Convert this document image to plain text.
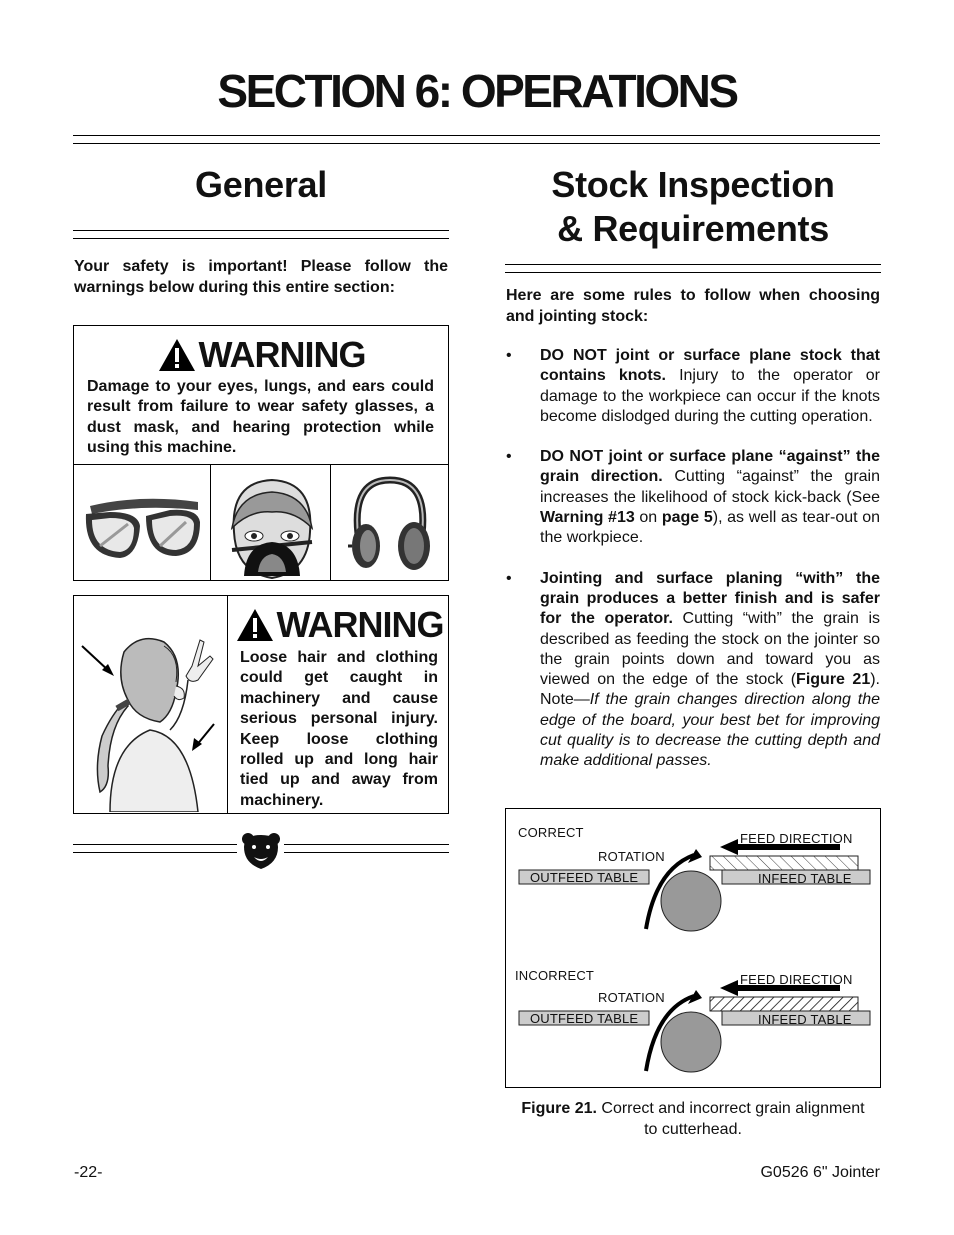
SECTION 6: OPERATIONS
General

Your safety is important! Please follow the warnings below during this entire section:

WARNING

Damage to your eyes, lungs, and ears could result from failure to wear safety glasses, a dust mask, and hearing protection while using this machine.

WARNING

Loose hair and clothing could get caught in machinery and cause serious personal injury. Keep loose clothing rolled up and long hair tied up and away from machinery.

Stock Inspection
& Requirements

Here are some rules to follow when choosing and jointing stock:

• DO NOT joint or surface plane stock that contains knots. Injury to the operator or damage to the workpiece can occur if the knots become dislodged during the cutting operation.
• DO NOT joint or surface plane “against” the grain direction. Cutting “against” the grain increases the likelihood of stock kick-back (See Warning #13 on page 5), as well as tear-out on the workpiece.
• Jointing and surface planing “with” the grain produces a better finish and is safer for the operator. Cutting “with” the grain is described as feeding the stock on the jointer so the grain points down and toward you as viewed on the edge of the stock (Figure 21). Note—If the grain changes direction along the edge of the board, your best bet for improving cut quality is to decrease the cutting depth and make additional passes.
CORRECT	FEED DIRECTION
ROTATION
OUTFEED TABLE	INFEED TABLE
INCORRECT	FEED DIRECTION
ROTATION
OUTFEED TABLE	INFEED TABLE

Figure 21. Correct and incorrect grain alignment to cutterhead.

-22-	G0526 6" Jointer
